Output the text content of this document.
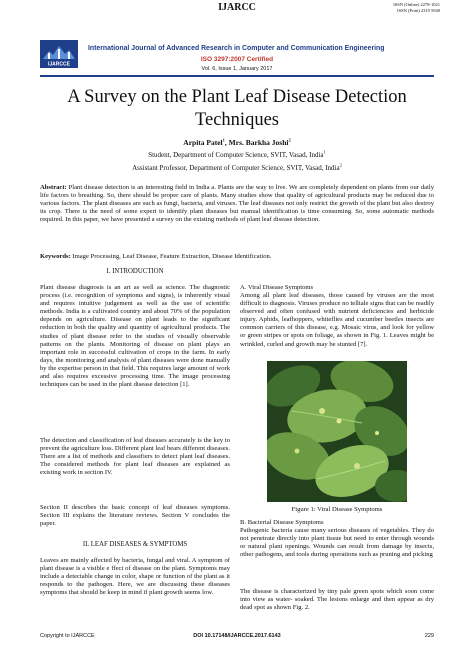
IJARCC	ISSN (Online) 2278-1021
ISSN (Print) 2319 5940
IJARCCE
International Journal of Advanced Research in Computer and Communication Engineering
ISO 3297:2007 Certified
Vol. 6, Issue 1, January 2017
A Survey on the Plant Leaf Disease Detection Techniques
Arpita Patel$^1$, Mrs. Barkha Joshi$^2$
Student, Department of Computer Science, SVIT, Vasad, India$^1$
Assistant Professor, Department of Computer Science, SVIT, Vasad, India$^2$

Abstract: Plant disease detection is an interesting field in India a. Plants are the way to live. We are completely dependent on plants from our daily life factors to breathing. So, there should be proper care of plants. Many studies show that quality of agricultural products may be reduced due to various factors. The plant diseases are such as fungi, bacteria, and viruses. The leaf diseases not only restrict the growth of the plant but also destroy its crop. There is the need of some expert to identify plant diseases but manual identification is time consuming. So, some automatic methods required. In this paper, we have presented a survey on the existing methods of plant leaf disease detection.

Keywords: Image Processing, Leaf Disease, Feature Extraction, Disease Identification.

I. INTRODUCTION

Plant disease diagnosis is an art as well as science. The diagnostic process (i.e. recognition of symptoms and signs), is inherently visual and requires intuitive judgement as well as the use of scientific methods. India is a cultivated country and about 70% of the population depends on agriculture. Disease on plant leads to the significant reduction in both the quality and quantity of agricultural products. The studies of plant disease refer to the studies of visually observable patterns on the plants. Monitoring of disease on plant plays an important role in successful cultivation of crops in the farm. In early days, the monitoring and analysis of plant diseases were done manually by the expertise person in that field. This requires large amount of work and also requires excessive processing time. The image processing techniques can be used in the plant disease detection [1].

The detection and classification of leaf diseases accurately is the key to prevent the agriculture loss. Different plant leaf bears different diseases. There are a list of methods and classifiers to detect plant leaf diseases. The considered methods for plant leaf diseases are explained as existing work in section IV.

Section II describes the basic concept of leaf diseases symptoms. Section III explains the literature reviews. Section V concludes the paper.

II. LEAF DISEASES & SYMPTOMS

Leaves are mainly affected by bacteria, fungal and viral. A symptom of plant disease is a visible e ffect of disease on the plant. Symptoms may include a detectable change in color, shape or function of the plant as it responds to the pathogen. Here, we are discussing these diseases symptoms that should be keep in mind if plant growth seems low.

A. Viral Disease Symptoms

Among all plant leaf diseases, those caused by viruses are the most difficult to diagnosis. Viruses produce no telltale signs that can be readily observed and often confused with nutrient deficiencies and herbicide injury. Aphids, leafhoppers, whiteflies and cucumber beetles insects are common carriers of this disease, e.g. Mosaic virus, and look for yellow or green stripes or spots on foliage, as shown in Fig. 1. Leaves might be wrinkled, curled and growth may be stunted [7].

Figure 1: Viral Disease Symptoms

B. Bacterial Disease Symptoms

Pathogenic bacteria cause many serious diseases of vegetables. They do not penetrate directly into plant tissue but need to enter through wounds or natural plant openings. Wounds can result from damage by insects, other pathogens, and tools during operations such as pruning and picking

The disease is characterized by tiny pale green spots which soon come into view as water- soaked. The lesions enlarge and then appear as dry dead spot as shown Fig. 2.

Copyright to IJARCCE	DOI 10.17148/IJARCCE.2017.6143	229
